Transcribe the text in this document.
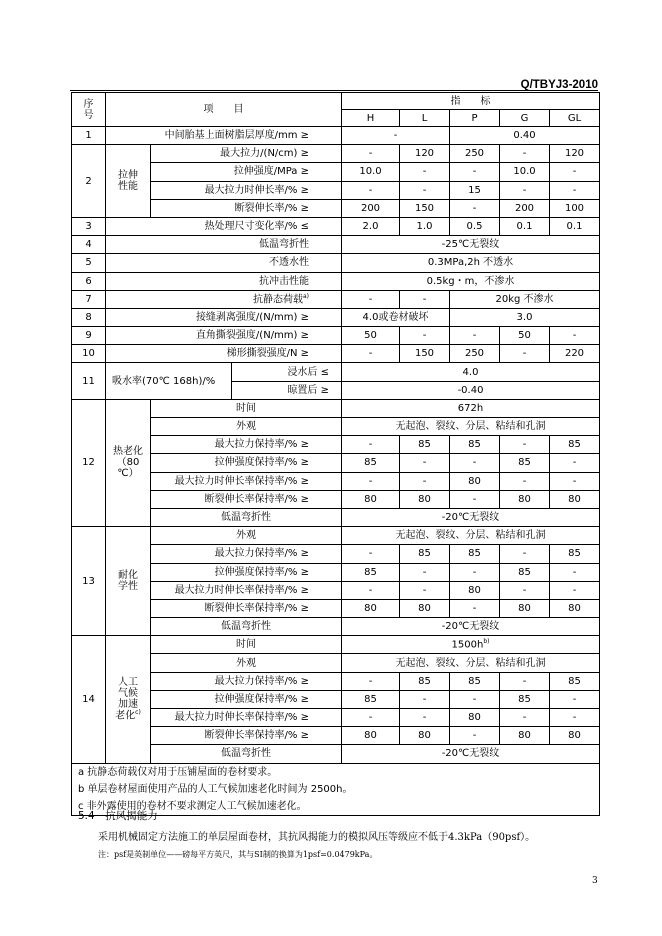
Q/TBYJ3-2010
序
号	项　　目			指　　标				
				H	L	P	G	GL
1	中间胎基上面树脂层厚度/mm ≥			-		0.40		
2	拉伸
性能	最大拉力/(N/cm) ≥		-	120	250	-	120
		拉伸强度/MPa ≥		10.0	-	-	10.0	-
		最大拉力时伸长率/% ≥		-	-	15	-	-
		断裂伸长率/% ≥		200	150	-	200	100
3	热处理尺寸变化率/% ≤			2.0	1.0	0.5	0.1	0.1
4	低温弯折性			-25℃无裂纹				
5	不透水性			0.3MPa,2h 不透水				
6	抗冲击性能			0.5kg・m，不渗水				
7	抗静态荷载$^{a)}$			-	-	20kg 不渗水		
8	接缝剥离强度/(N/mm) ≥			4.0或卷材破坏		3.0		
9	直角撕裂强度/(N/mm) ≥			50	-	-	50	-
10	梯形撕裂强度/N ≥			-	150	250	-	220
11	吸水率(70℃ 168h)/%		浸水后 ≤	4.0				
			晾置后 ≥	-0.40				
12	热老化
（80
℃）	时间		672h				
		外观		无起泡、裂纹、分层、粘结和孔洞				
		最大拉力保持率/% ≥		-	85	85	-	85
		拉伸强度保持率/% ≥		85	-	-	85	-
		最大拉力时伸长率保持率/% ≥		-	-	80	-	-
		断裂伸长率保持率/% ≥		80	80	-	80	80
		低温弯折性		-20℃无裂纹				
13	耐化
学性	外观		无起泡、裂纹、分层、粘结和孔洞				
		最大拉力保持率/% ≥		-	85	85	-	85
		拉伸强度保持率/% ≥		85	-	-	85	-
		最大拉力时伸长率保持率/% ≥		-	-	80	-	-
		断裂伸长率保持率/% ≥		80	80	-	80	80
		低温弯折性		-20℃无裂纹				
14	人工
气候
加速
老化$^{c)}$	时间		$1500h^{b)}$
		外观		无起泡、裂纹、分层、粘结和孔洞				
		最大拉力保持率/% ≥		-	85	85	-	85
		拉伸强度保持率/% ≥		85	-	-	85	-
		最大拉力时伸长率保持率/% ≥		-	-	80	-	-
		断裂伸长率保持率/% ≥		80	80	-	80	80
		低温弯折性		-20℃无裂纹				
a 抗静态荷载仅对用于压铺屋面的卷材要求。								
b 单层卷材屋面使用产品的人工气候加速老化时间为 2500h。								
c 非外露使用的卷材不要求测定人工气候加速老化。								
5.4　抗风揭能力
采用机械固定方法施工的单层屋面卷材，其抗风揭能力的模拟风压等级应不低于4.3kPa（90psf）。
注：psf是英制单位——磅每平方英尺，其与SI制的换算为1psf=0.0479kPa。
3
